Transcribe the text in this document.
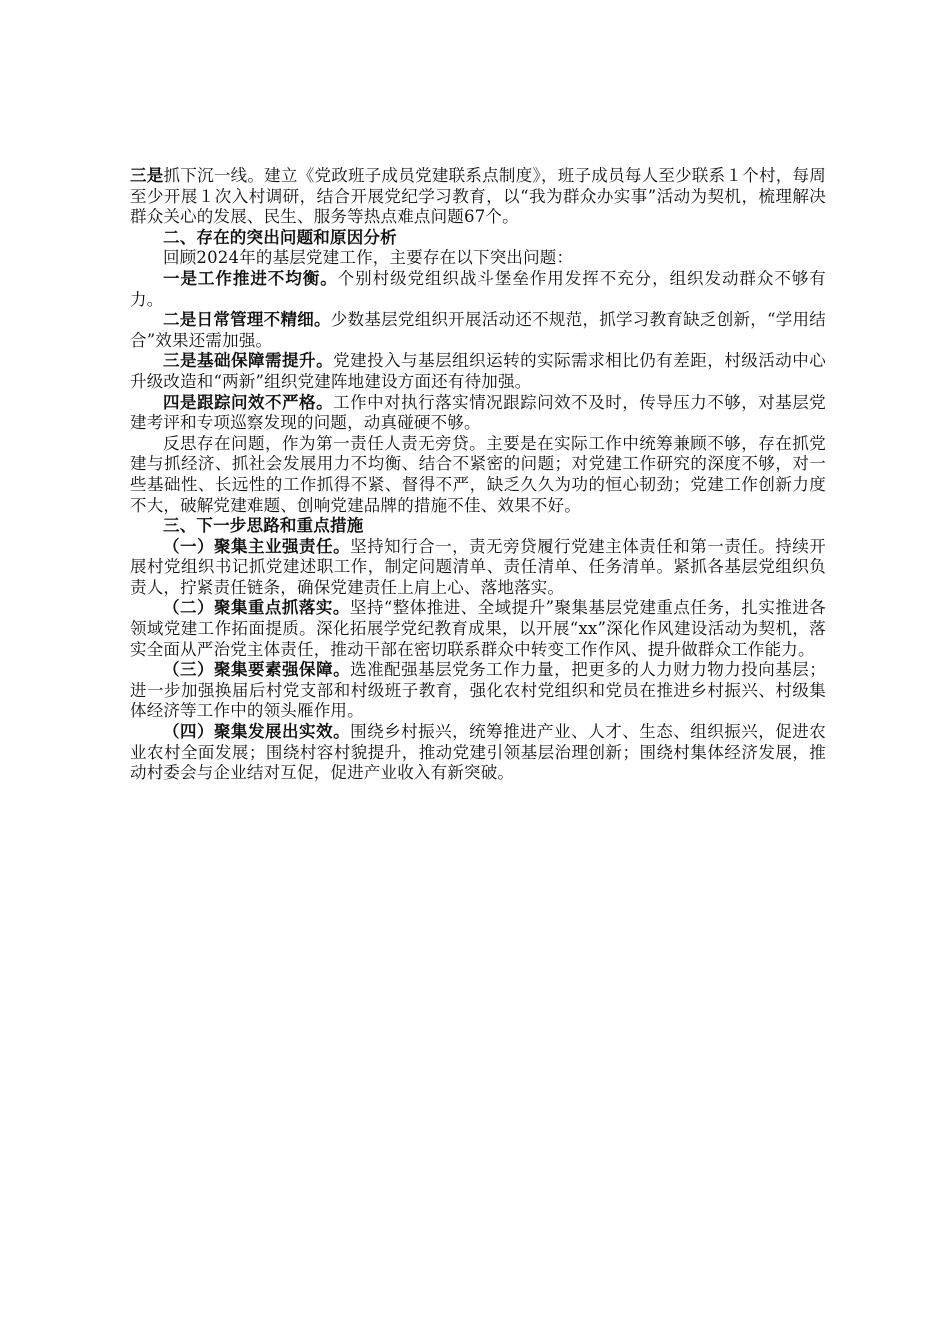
三是抓下沉一线。建立《党政班子成员党建联系点制度》，班子成员每人至少联系１个村，每周至少开展１次入村调研，结合开展党纪学习教育，以“我为群众办实事”活动为契机，梳理解决群众关心的发展、民生、服务等热点难点问题67个。

二、存在的突出问题和原因分析

回顾2024年的基层党建工作，主要存在以下突出问题：

一是工作推进不均衡。个别村级党组织战斗堡垒作用发挥不充分，组织发动群众不够有力。

二是日常管理不精细。少数基层党组织开展活动还不规范，抓学习教育缺乏创新，“学用结合”效果还需加强。

三是基础保障需提升。党建投入与基层组织运转的实际需求相比仍有差距，村级活动中心升级改造和“两新”组织党建阵地建设方面还有待加强。

四是跟踪问效不严格。工作中对执行落实情况跟踪问效不及时，传导压力不够，对基层党建考评和专项巡察发现的问题，动真碰硬不够。

反思存在问题，作为第一责任人责无旁贷。主要是在实际工作中统筹兼顾不够，存在抓党建与抓经济、抓社会发展用力不均衡、结合不紧密的问题；对党建工作研究的深度不够，对一些基础性、长远性的工作抓得不紧、督得不严，缺乏久久为功的恒心韧劲；党建工作创新力度不大，破解党建难题、创响党建品牌的措施不佳、效果不好。

三、下一步思路和重点措施

（一）聚集主业强责任。坚持知行合一，责无旁贷履行党建主体责任和第一责任。持续开展村党组织书记抓党建述职工作，制定问题清单、责任清单、任务清单。紧抓各基层党组织负责人，拧紧责任链条，确保党建责任上肩上心、落地落实。

（二）聚集重点抓落实。坚持“整体推进、全域提升”聚集基层党建重点任务，扎实推进各领域党建工作拓面提质。深化拓展学党纪教育成果，以开展“xx”深化作风建设活动为契机，落实全面从严治党主体责任，推动干部在密切联系群众中转变工作作风、提升做群众工作能力。

（三）聚集要素强保障。选准配强基层党务工作力量，把更多的人力财力物力投向基层；进一步加强换届后村党支部和村级班子教育，强化农村党组织和党员在推进乡村振兴、村级集体经济等工作中的领头雁作用。

（四）聚集发展出实效。围绕乡村振兴，统筹推进产业、人才、生态、组织振兴，促进农业农村全面发展；围绕村容村貌提升，推动党建引领基层治理创新；围绕村集体经济发展，推动村委会与企业结对互促，促进产业收入有新突破。
